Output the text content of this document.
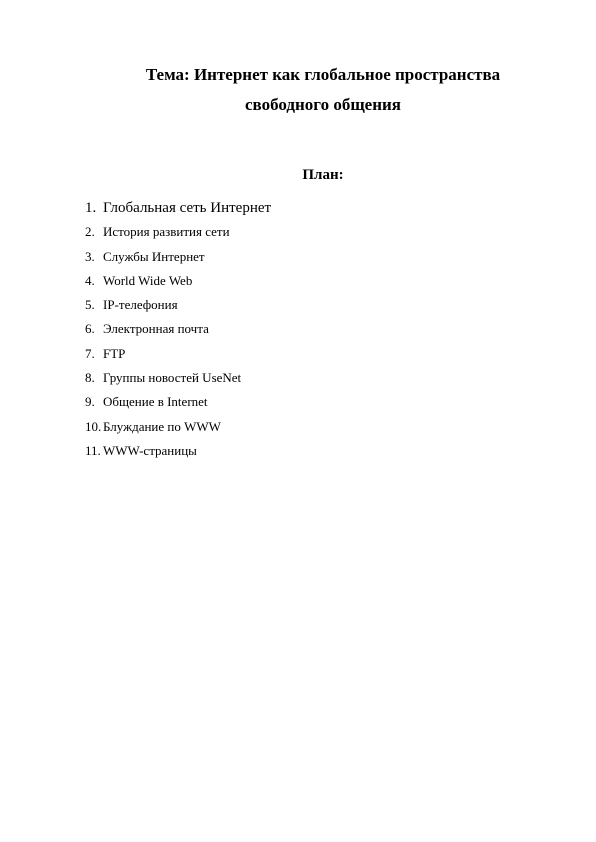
Тема: Интернет как глобальное пространства
свободного общения
План:
1. Глобальная сеть Интернет
2. История развития сети
3. Службы Интернет
4. World Wide Web
5. IP-телефония
6. Электронная почта
7. FTP
8. Группы новостей UseNet
9. Общение в Internet
10. Блуждание по WWW
11. WWW-страницы
